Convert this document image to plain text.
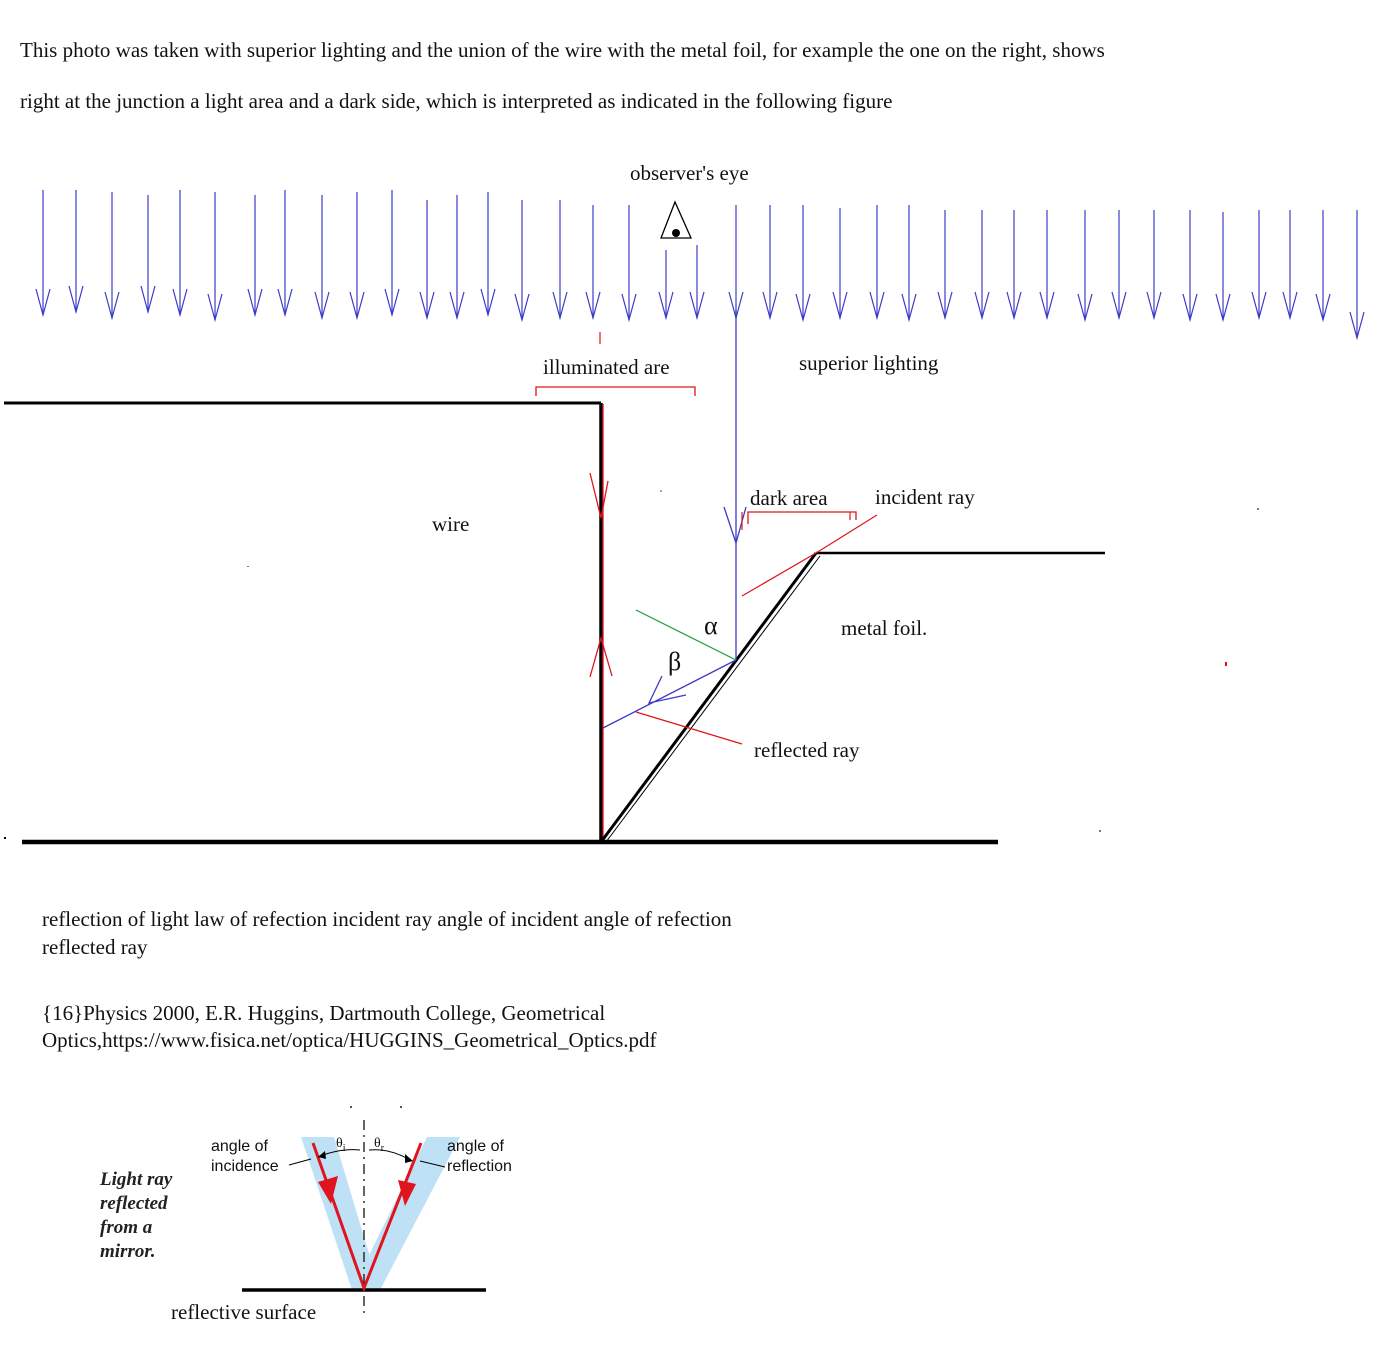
This photo was taken with superior lighting and the union of the wire with the metal foil, for example the one on the right, shows
right at the junction a light area and a dark side, which is interpreted as indicated in the following figure
observer's eye
illuminated are	superior lighting
wire
dark area incident ray
metal foil.
reflected ray
α
β
reflection of light law of refection incident ray angle of incident angle of refection
reflected ray
{16}Physics 2000, E.R. Huggins, Dartmouth College, Geometrical
Optics,https://www.fisica.net/optica/HUGGINS_Geometrical_Optics.pdf
Light ray
reflected
from a
mirror.
angle of
incidence
angle of
reflection
$\theta_i$ $\theta_r$
reflective surface
